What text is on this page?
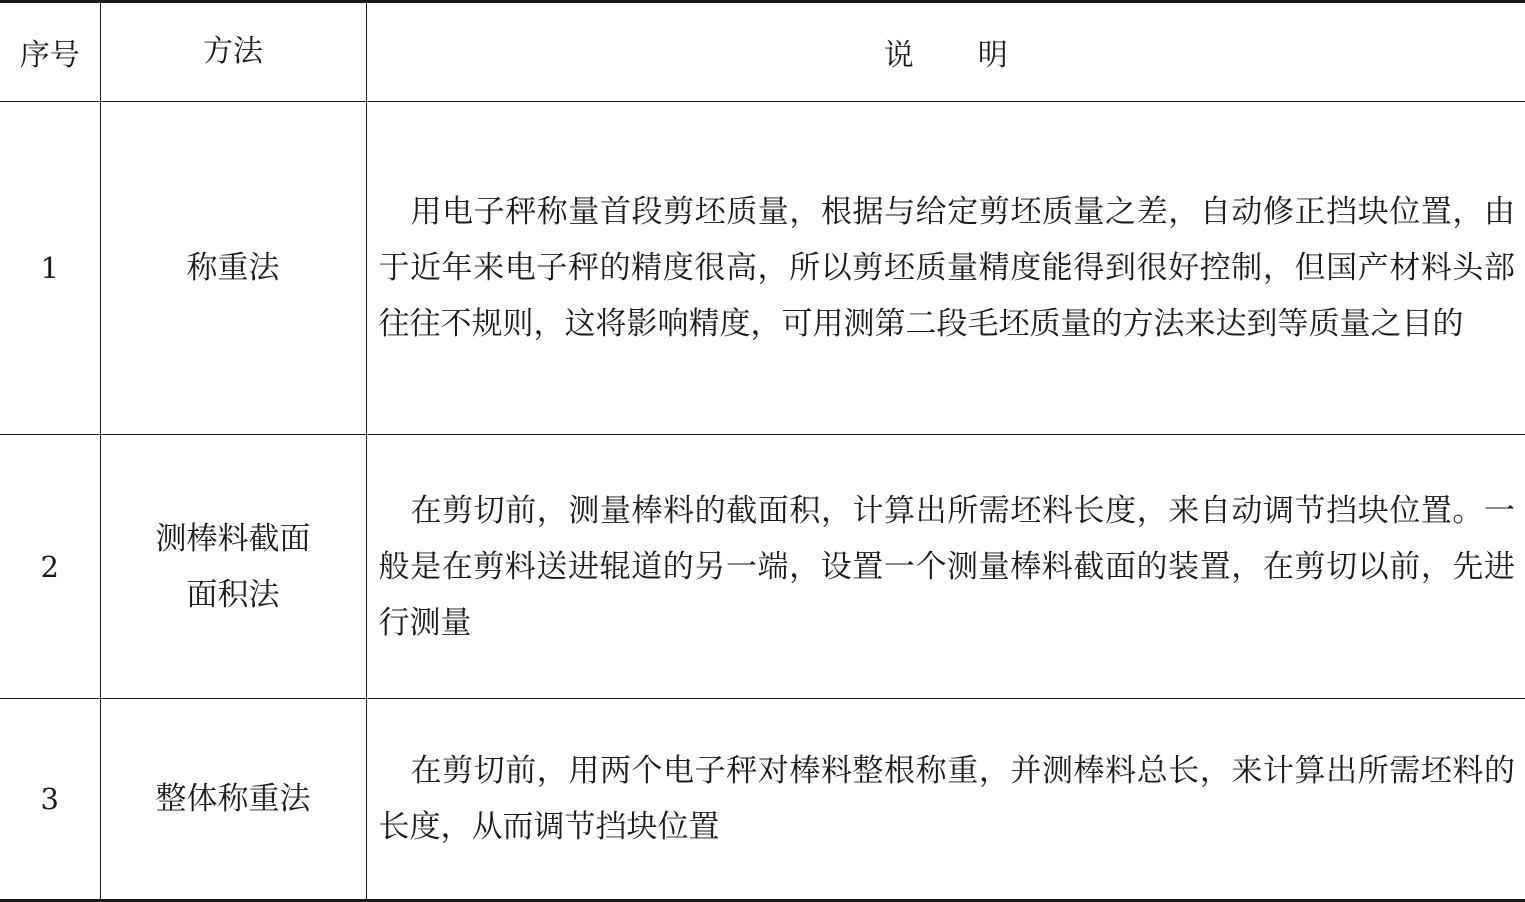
序号	方法	说明
1	称重法	用电子秤称量首段剪坯质量，根据与给定剪坯质量之差，自动修正挡块位置，由于近年来电子秤的精度很高，所以剪坯质量精度能得到很好控制，但国产材料头部往往不规则，这将影响精度，可用测第二段毛坯质量的方法来达到等质量之目的
2	测棒料截面面积法	在剪切前，测量棒料的截面积，计算出所需坯料长度，来自动调节挡块位置。一般是在剪料送进辊道的另一端，设置一个测量棒料截面的装置，在剪切以前，先进行测量
3	整体称重法	在剪切前，用两个电子秤对棒料整根称重，并测棒料总长，来计算出所需坯料的长度，从而调节挡块位置
